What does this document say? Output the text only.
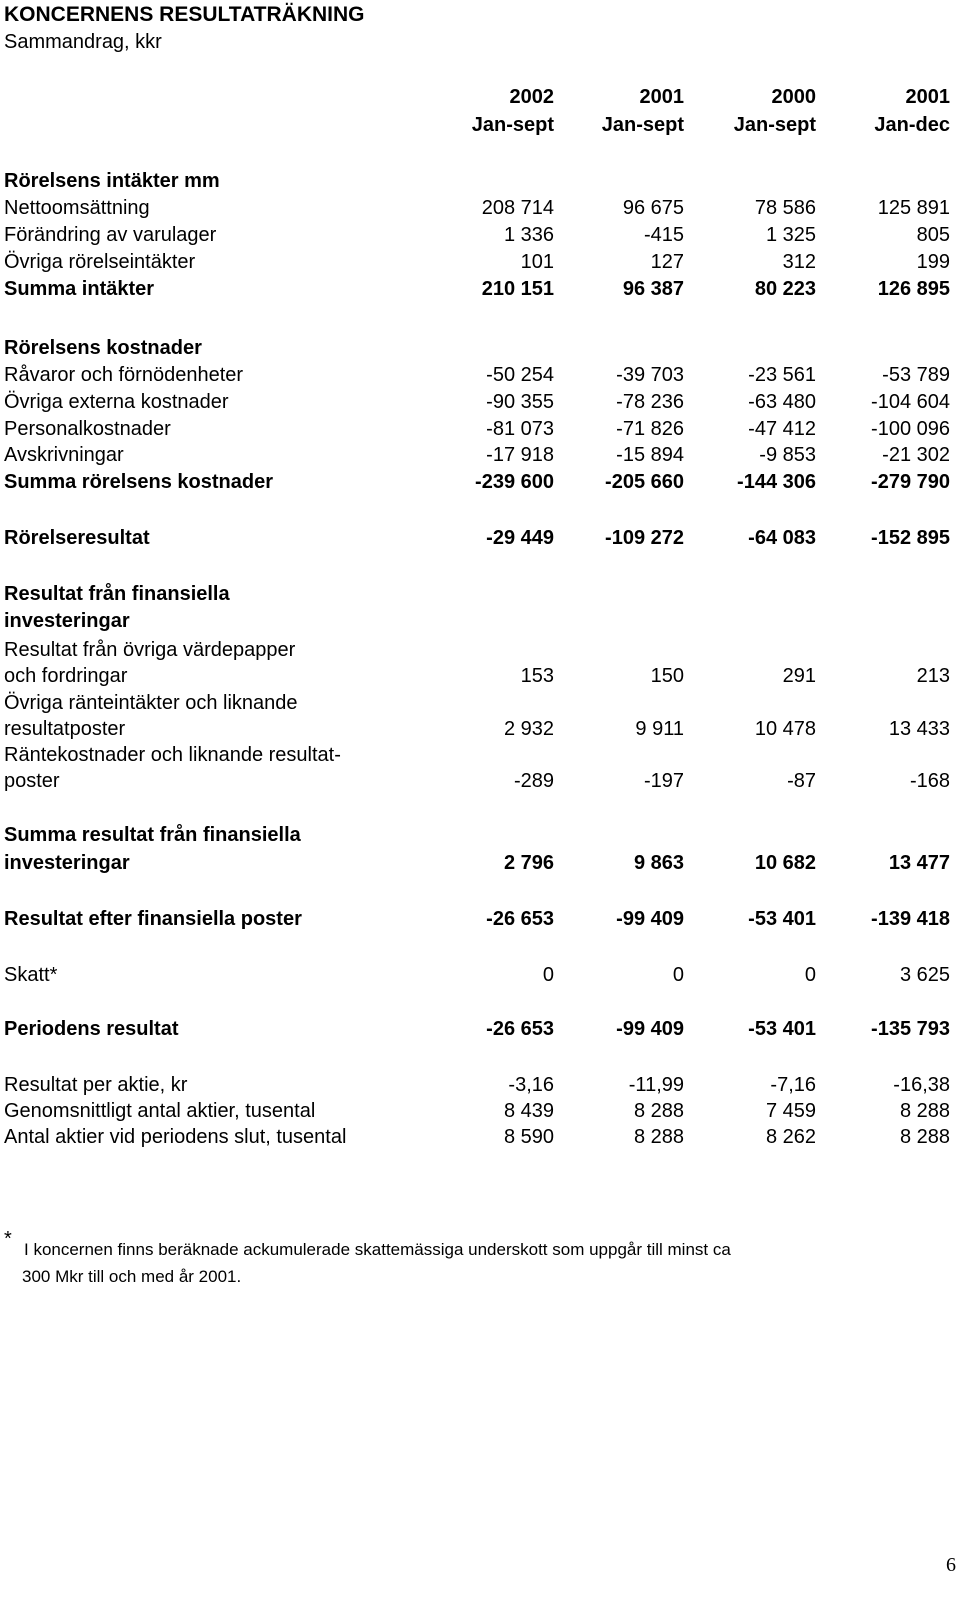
KONCERNENS RESULTATRÄKNING
Sammandrag, kkr
2002	2001	2000	2001
Jan-sept	Jan-sept	Jan-sept	Jan-dec
Rörelsens intäkter mm
Nettoomsättning	208 714	96 675	78 586	125 891
Förändring av varulager	1 336	-415	1 325	805
Övriga rörelseintäkter	101	127	312	199
Summa intäkter	210 151	96 387	80 223	126 895
Rörelsens kostnader
Råvaror och förnödenheter	-50 254	-39 703	-23 561	-53 789
Övriga externa kostnader	-90 355	-78 236	-63 480	-104 604
Personalkostnader	-81 073	-71 826	-47 412	-100 096
Avskrivningar	-17 918	-15 894	-9 853	-21 302
Summa rörelsens kostnader	-239 600	-205 660	-144 306	-279 790
Rörelseresultat	-29 449	-109 272	-64 083	-152 895
Resultat från finansiella
investeringar
Resultat från övriga värdepapper
och fordringar	153	150	291	213
Övriga ränteintäkter och liknande
resultatposter	2 932	9 911	10 478	13 433
Räntekostnader och liknande resultat-
poster	-289	-197	-87	-168
Summa resultat från finansiella
investeringar	2 796	9 863	10 682	13 477
Resultat efter finansiella poster	-26 653	-99 409	-53 401	-139 418
Skatt*	0	0	0	3 625
Periodens resultat	-26 653	-99 409	-53 401	-135 793
Resultat per aktie, kr	-3,16	-11,99	-7,16	-16,38
Genomsnittligt antal aktier, tusental	8 439	8 288	7 459	8 288
Antal aktier vid periodens slut, tusental	8 590	8 288	8 262	8 288
* I koncernen finns beräknade ackumulerade skattemässiga underskott som uppgår till minst ca
300 Mkr till och med år 2001.
6
